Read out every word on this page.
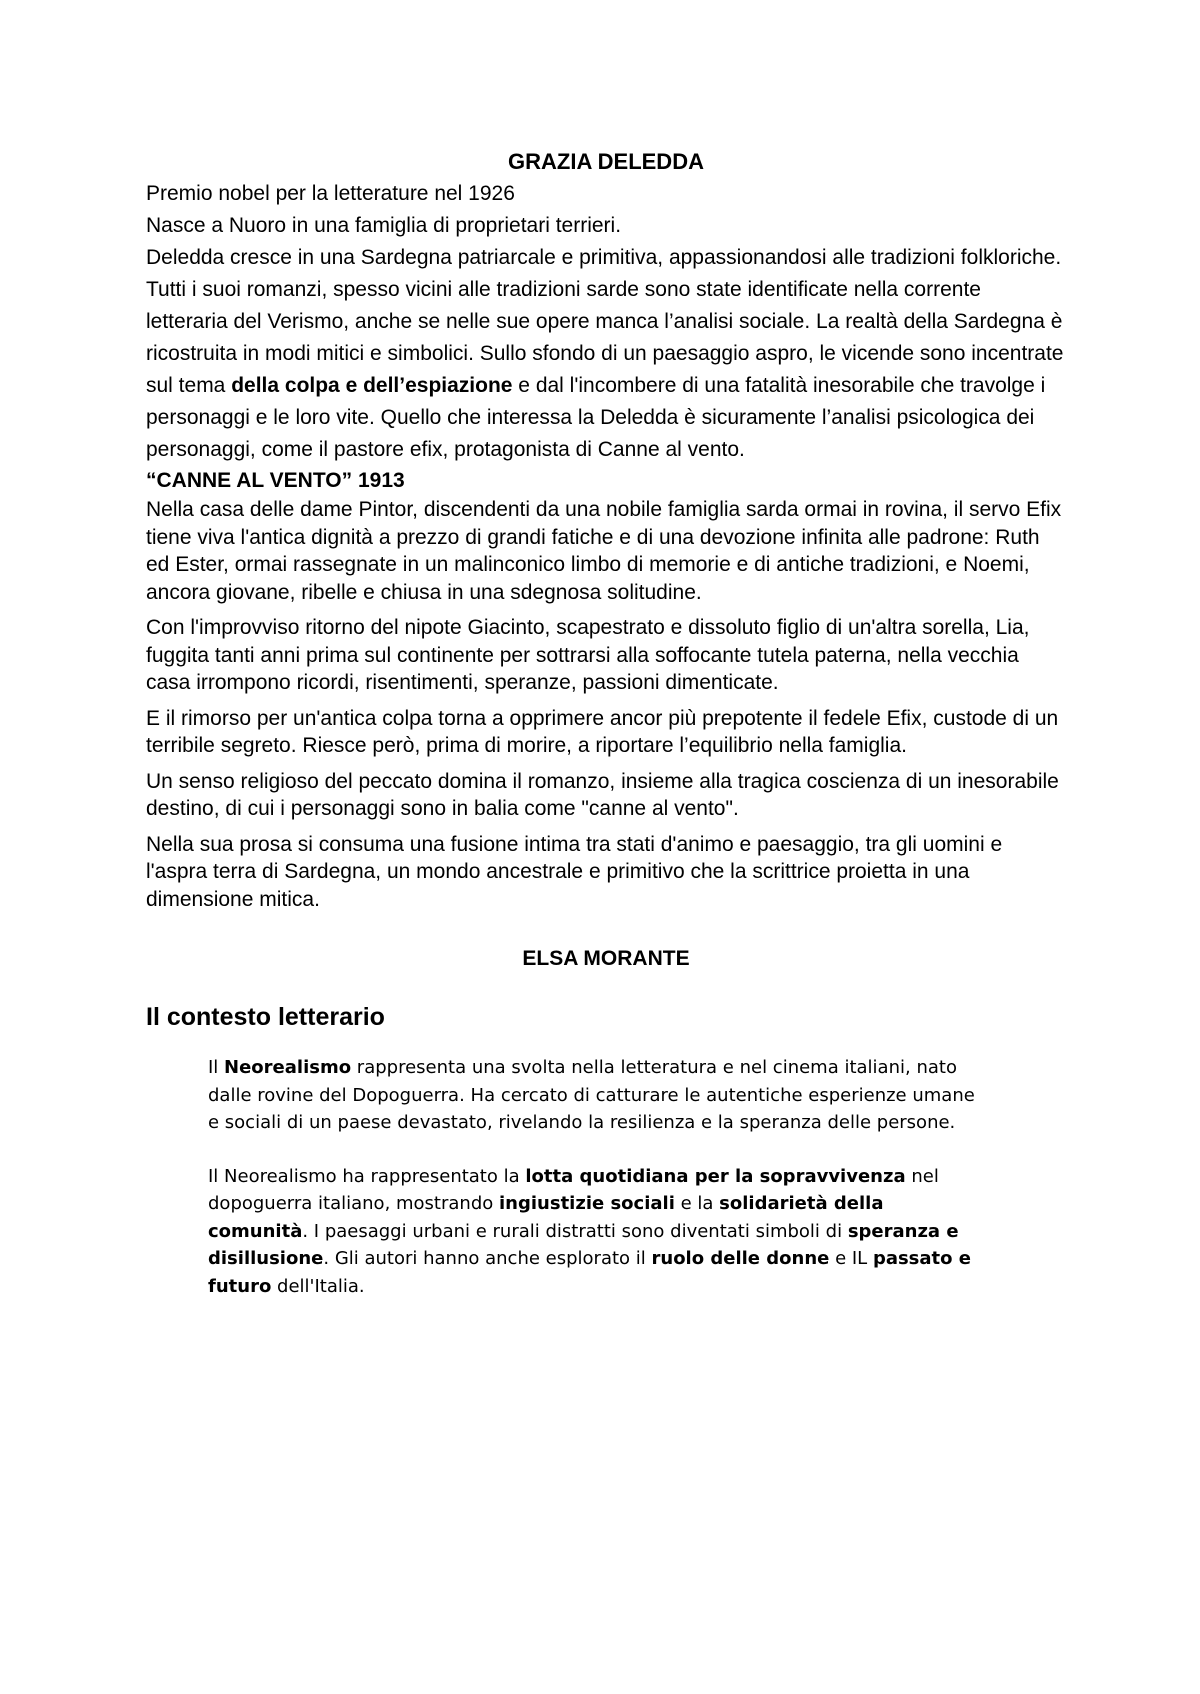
GRAZIA DELEDDA

Premio nobel per la letterature nel 1926

Nasce a Nuoro in una famiglia di proprietari terrieri.

Deledda cresce in una Sardegna patriarcale e primitiva, appassionandosi alle tradizioni folkloriche. Tutti i suoi romanzi, spesso vicini alle tradizioni sarde sono state identificate nella corrente letteraria del Verismo, anche se nelle sue opere manca l’analisi sociale. La realtà della Sardegna è ricostruita in modi mitici e simbolici. Sullo sfondo di un paesaggio aspro, le vicende sono incentrate sul tema della colpa e dell’espiazione e dal l'incombere di una fatalità inesorabile che travolge i personaggi e le loro vite. Quello che interessa la Deledda è sicuramente l’analisi psicologica dei personaggi, come il pastore efix, protagonista di Canne al vento.

“CANNE AL VENTO” 1913

Nella casa delle dame Pintor, discendenti da una nobile famiglia sarda ormai in rovina, il servo Efix tiene viva l'antica dignità a prezzo di grandi fatiche e di una devozione infinita alle padrone: Ruth ed Ester, ormai rassegnate in un malinconico limbo di memorie e di antiche tradizioni, e Noemi, ancora giovane, ribelle e chiusa in una sdegnosa solitudine.

Con l'improvviso ritorno del nipote Giacinto, scapestrato e dissoluto figlio di un'altra sorella, Lia, fuggita tanti anni prima sul continente per sottrarsi alla soffocante tutela paterna, nella vecchia casa irrompono ricordi, risentimenti, speranze, passioni dimenticate.

E il rimorso per un'antica colpa torna a opprimere ancor più prepotente il fedele Efix, custode di un terribile segreto. Riesce però, prima di morire, a riportare l’equilibrio nella famiglia.

Un senso religioso del peccato domina il romanzo, insieme alla tragica coscienza di un inesorabile destino, di cui i personaggi sono in balia come "canne al vento".

Nella sua prosa si consuma una fusione intima tra stati d'animo e paesaggio, tra gli uomini e l'aspra terra di Sardegna, un mondo ancestrale e primitivo che la scrittrice proietta in una dimensione mitica.

ELSA MORANTE
Il contesto letterario

Il Neorealismo rappresenta una svolta nella letteratura e nel cinema italiani, nato dalle rovine del Dopoguerra. Ha cercato di catturare le autentiche esperienze umane e sociali di un paese devastato, rivelando la resilienza e la speranza delle persone.

Il Neorealismo ha rappresentato la lotta quotidiana per la sopravvivenza nel dopoguerra italiano, mostrando ingiustizie sociali e la solidarietà della comunità. I paesaggi urbani e rurali distratti sono diventati simboli di speranza e disillusione. Gli autori hanno anche esplorato il ruolo delle donne e IL passato e futuro dell'Italia.
